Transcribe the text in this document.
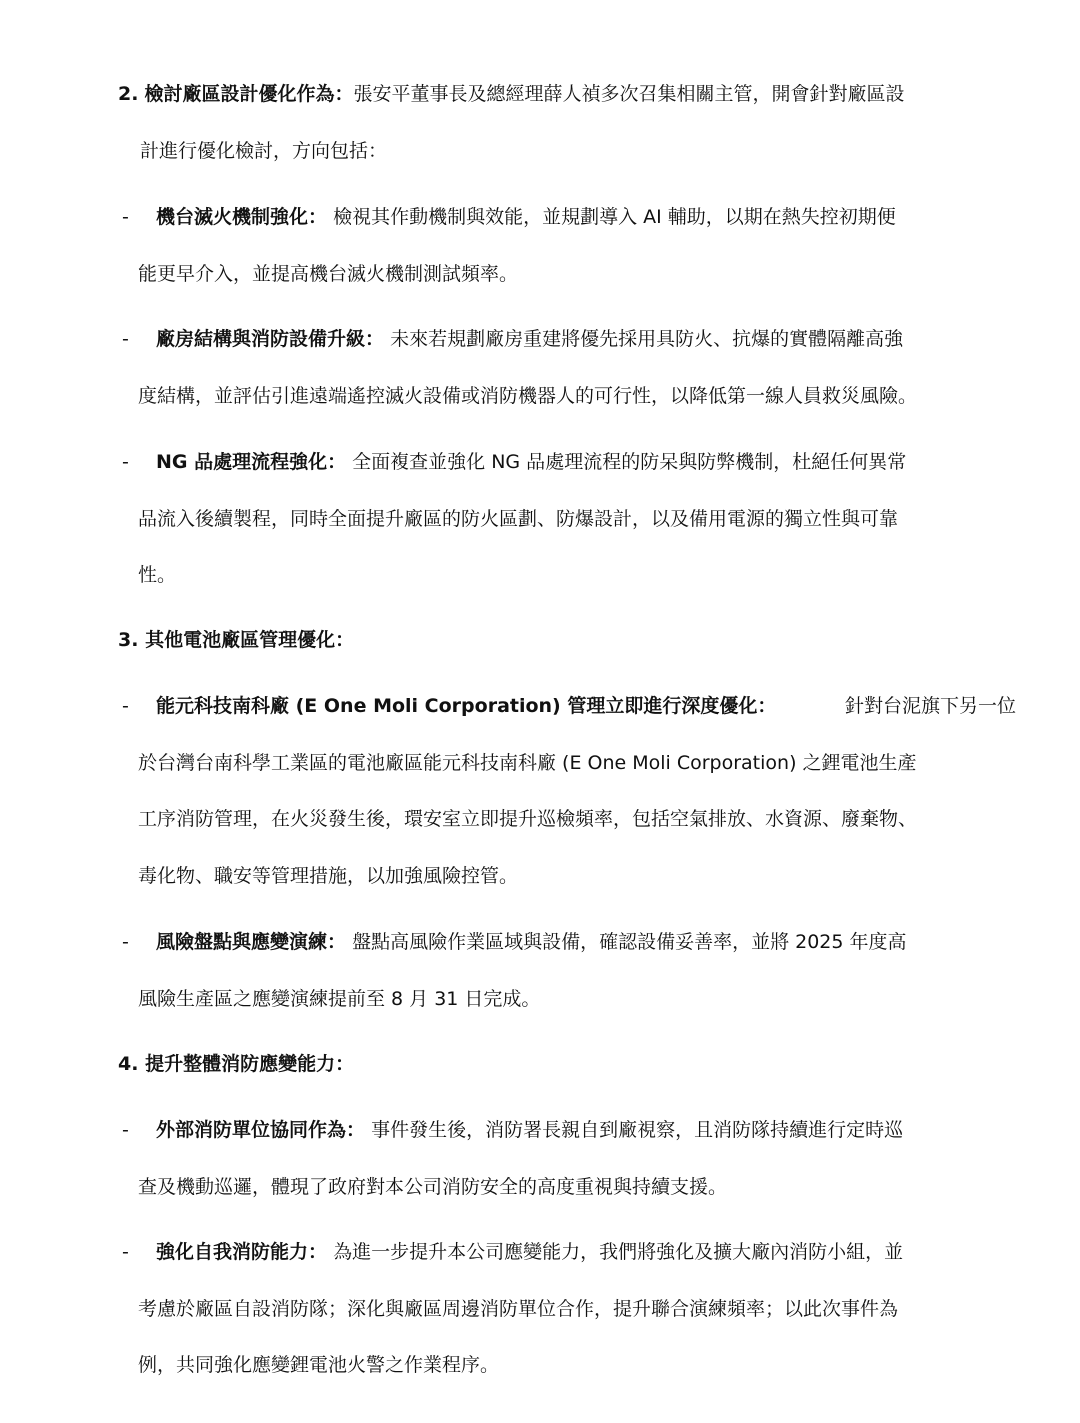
2. 檢討廠區設計優化作為：張安平董事長及總經理薛人禎多次召集相關主管，開會針對廠區設
計進行優化檢討，方向包括：
- 機台滅火機制強化： 檢視其作動機制與效能，並規劃導入 AI 輔助，以期在熱失控初期便
能更早介入，並提高機台滅火機制測試頻率。
- 廠房結構與消防設備升級： 未來若規劃廠房重建將優先採用具防火、抗爆的實體隔離高強
度結構，並評估引進遠端遙控滅火設備或消防機器人的可行性，以降低第一線人員救災風險。
- NG 品處理流程強化： 全面複查並強化 NG 品處理流程的防呆與防弊機制，杜絕任何異常
品流入後續製程，同時全面提升廠區的防火區劃、防爆設計，以及備用電源的獨立性與可靠
性。
3. 其他電池廠區管理優化：
- 能元科技南科廠 (E One Moli Corporation) 管理立即進行深度優化：	針對台泥旗下另一位
於台灣台南科學工業區的電池廠區能元科技南科廠 (E One Moli Corporation) 之鋰電池生產
工序消防管理，在火災發生後，環安室立即提升巡檢頻率，包括空氣排放、水資源、廢棄物、
毒化物、職安等管理措施，以加強風險控管。
- 風險盤點與應變演練： 盤點高風險作業區域與設備，確認設備妥善率，並將 2025 年度高
風險生產區之應變演練提前至 8 月 31 日完成。
4. 提升整體消防應變能力：
- 外部消防單位協同作為： 事件發生後，消防署長親自到廠視察，且消防隊持續進行定時巡
查及機動巡邏，體現了政府對本公司消防安全的高度重視與持續支援。
- 強化自我消防能力： 為進一步提升本公司應變能力，我們將強化及擴大廠內消防小組，並
考慮於廠區自設消防隊；深化與廠區周邊消防單位合作，提升聯合演練頻率；以此次事件為
例，共同強化應變鋰電池火警之作業程序。
